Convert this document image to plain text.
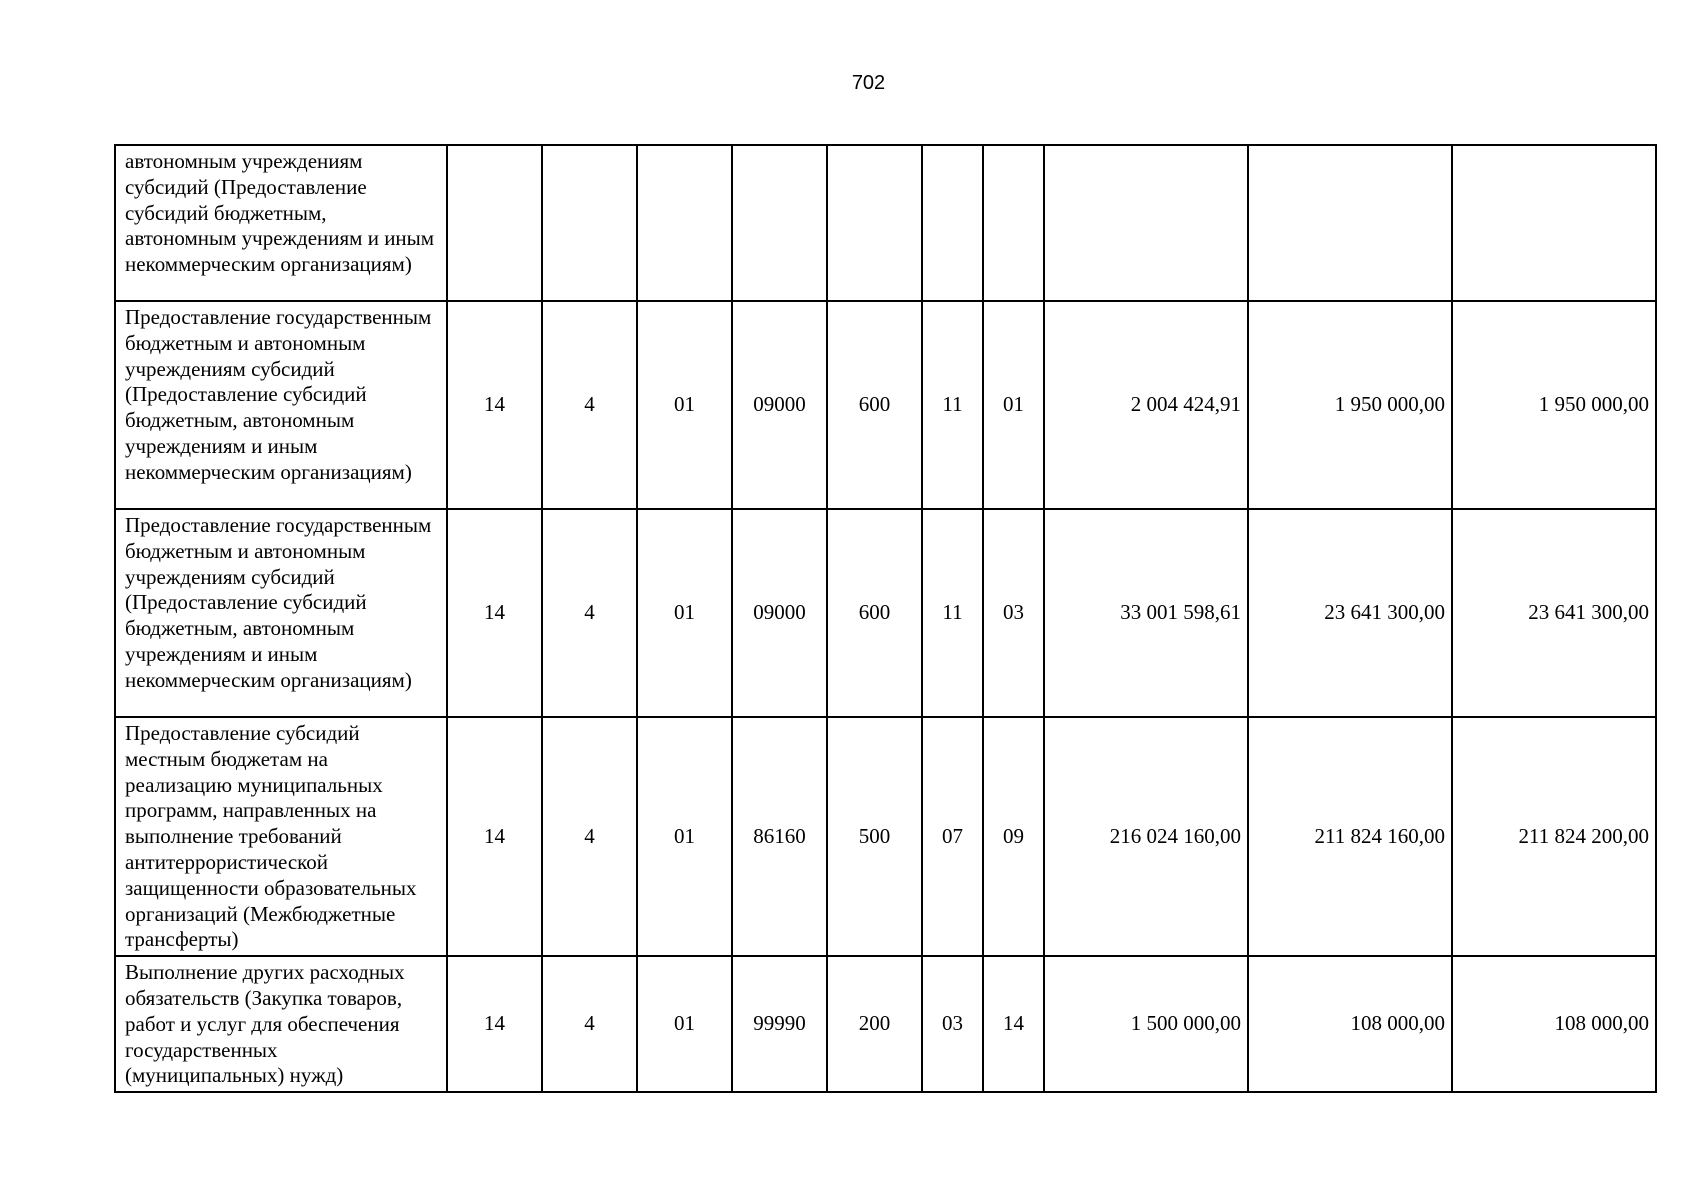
702
автономным учреждениям субсидий (Предоставление субсидий бюджетным, автономным учреждениям и иным некоммерческим организациям)										
Предоставление государственным бюджетным и автономным учреждениям субсидий (Предоставление субсидий бюджетным, автономным учреждениям и иным некоммерческим организациям)	14	4	01	09000	600	11	01	2 004 424,91	1 950 000,00	1 950 000,00
Предоставление государственным бюджетным и автономным учреждениям субсидий (Предоставление субсидий бюджетным, автономным учреждениям и иным некоммерческим организациям)	14	4	01	09000	600	11	03	33 001 598,61	23 641 300,00	23 641 300,00
Предоставление субсидий местным бюджетам на реализацию муниципальных программ, направленных на выполнение требований антитеррористической защищенности образовательных организаций (Межбюджетные трансферты)	14	4	01	86160	500	07	09	216 024 160,00	211 824 160,00	211 824 200,00
Выполнение других расходных обязательств (Закупка товаров, работ и услуг для обеспечения государственных (муниципальных) нужд)	14	4	01	99990	200	03	14	1 500 000,00	108 000,00	108 000,00
